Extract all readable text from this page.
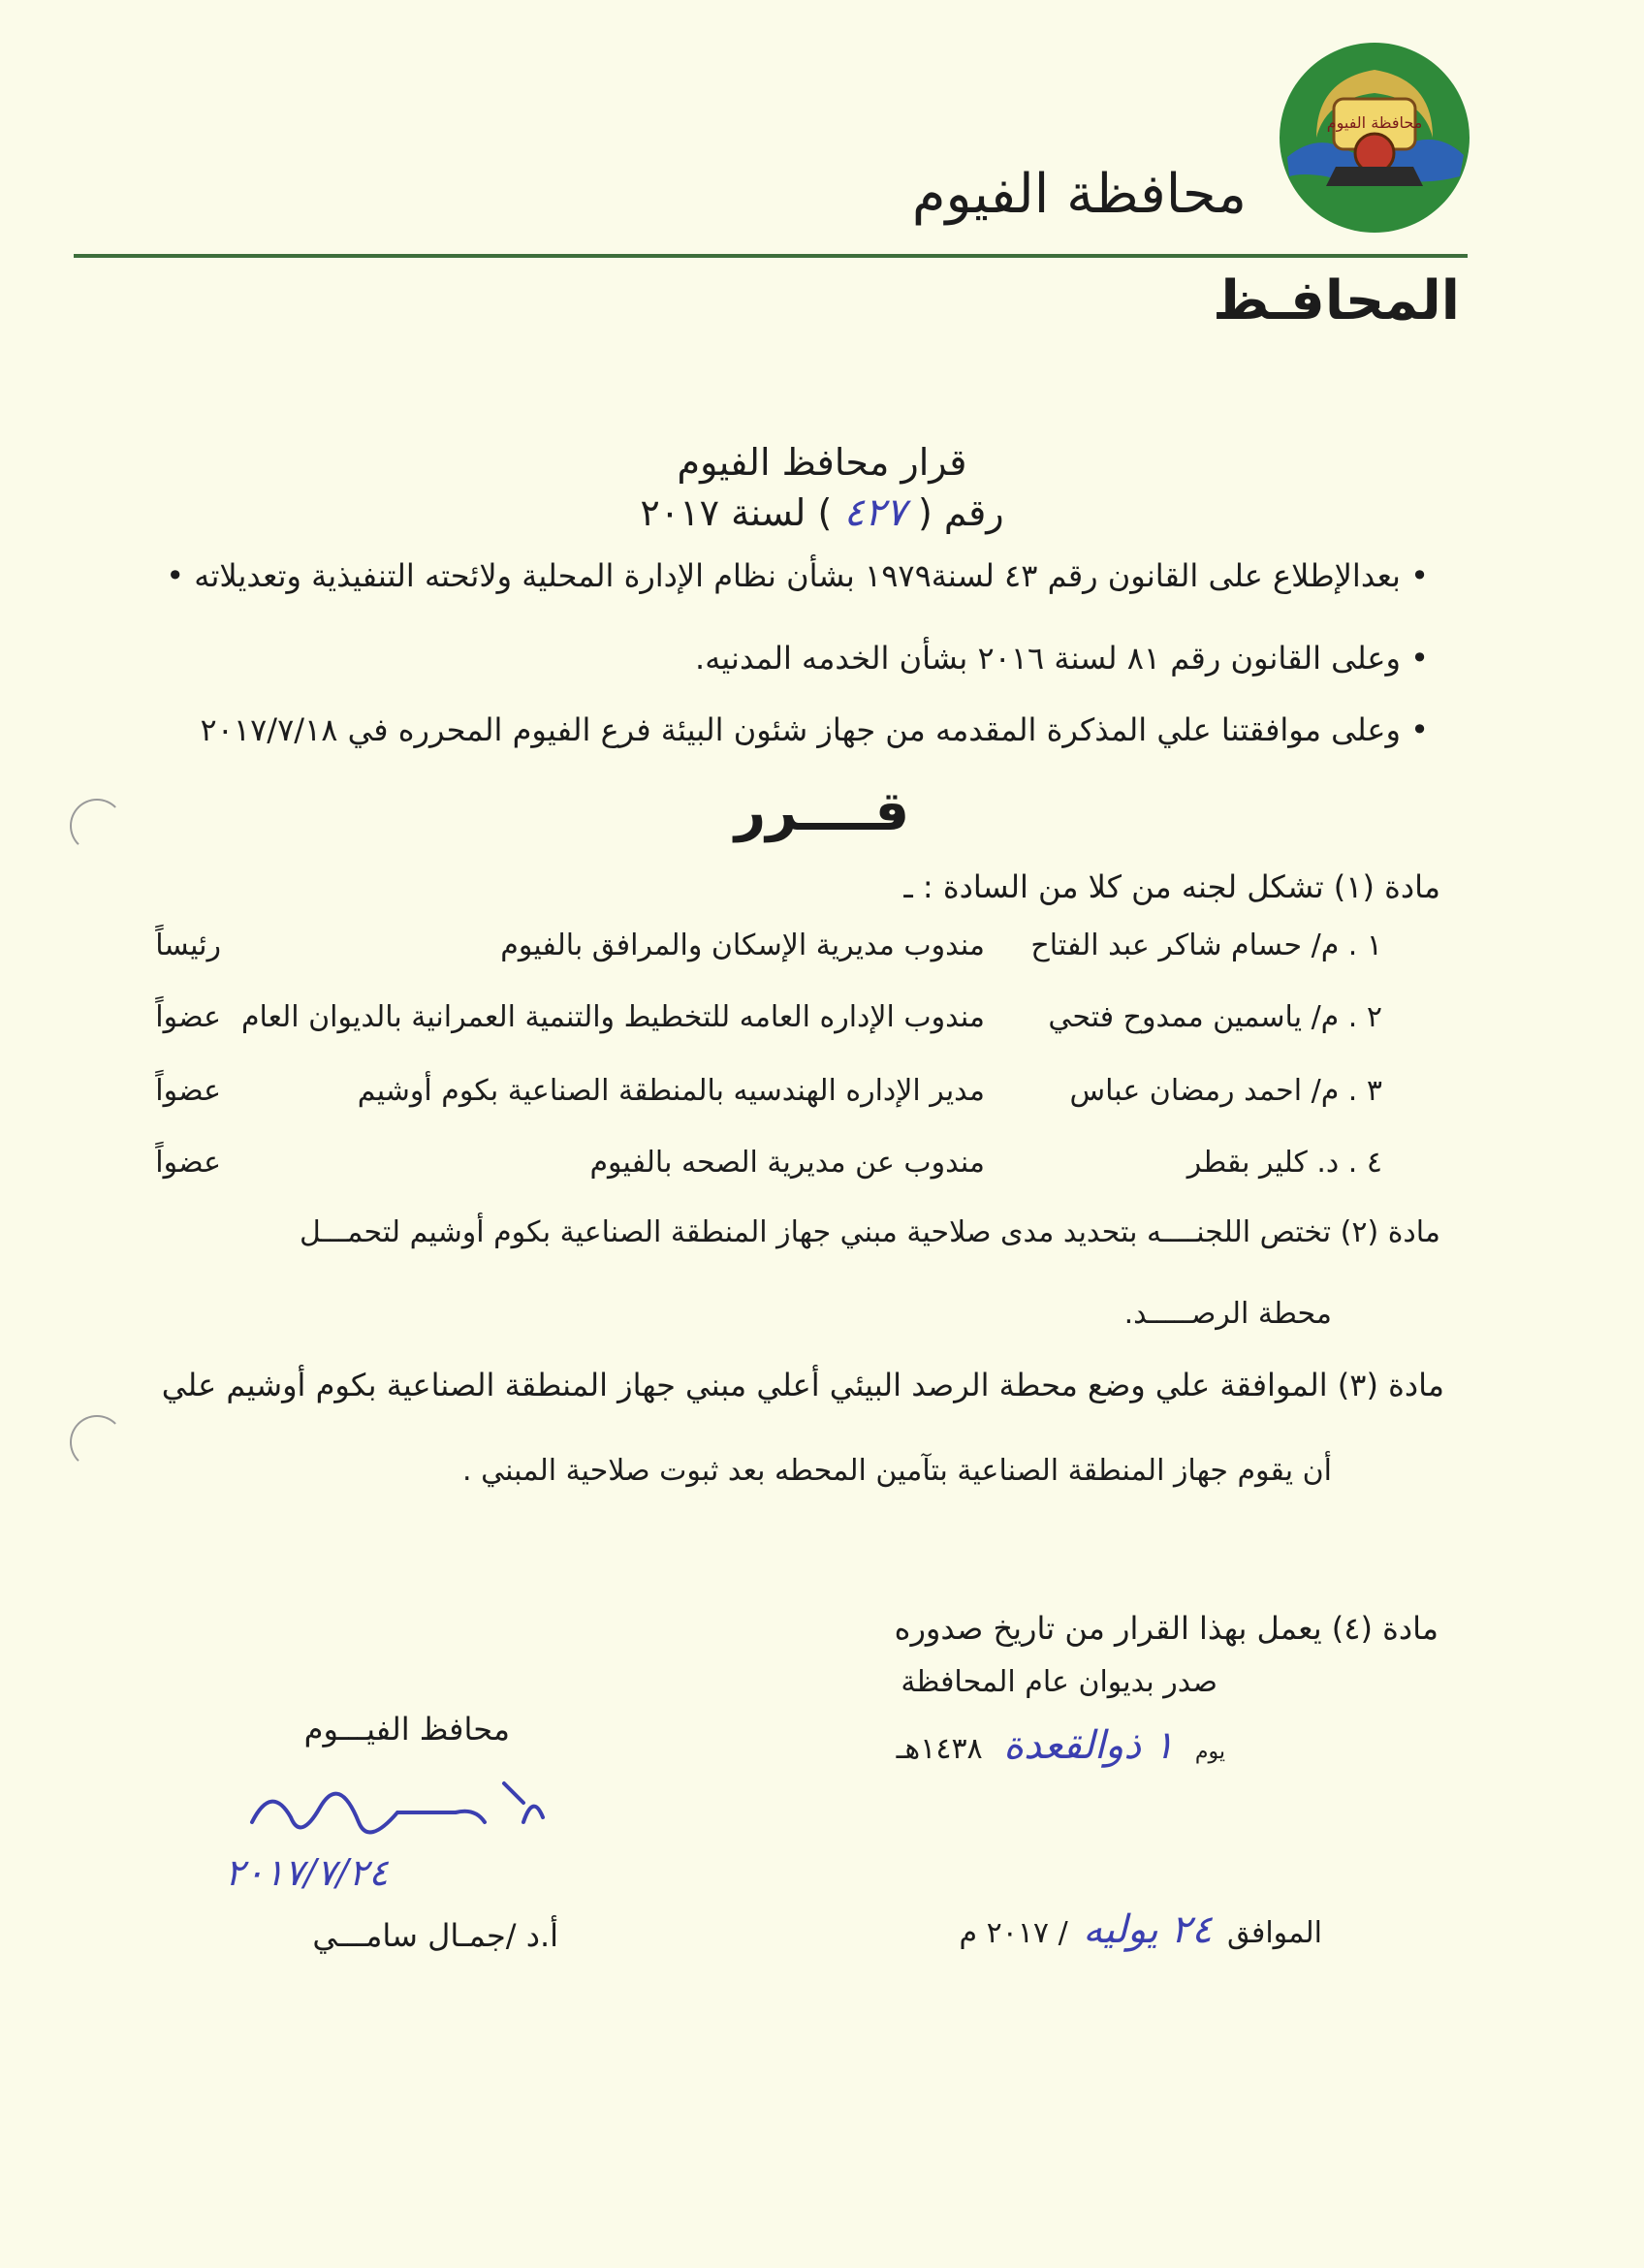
محافظة الفيوم
محافظة الفيوم
المحافـظ
قرار محافظ الفيوم
رقم ( ٤٢٧ ) لسنة ٢٠١٧
• بعدالإطلاع على القانون رقم ٤٣ لسنة١٩٧٩ بشأن نظام الإدارة المحلية ولائحته التنفيذية وتعديلاته •
• وعلى القانون رقم ٨١ لسنة ٢٠١٦ بشأن الخدمه المدنيه.
• وعلى موافقتنا علي المذكرة المقدمه من جهاز شئون البيئة فرع الفيوم المحرره في ٢٠١٧/٧/١٨
قــــرر
مادة (١) تشكل لجنه من كلا من السادة : ـ
١ . م/ حسام شاكر عبد الفتاح
مندوب مديرية الإسكان والمرافق بالفيوم
رئيساً
٢ . م/ ياسمين ممدوح فتحي
مندوب الإداره العامه للتخطيط والتنمية العمرانية بالديوان العام
عضواً
٣ . م/ احمد رمضان عباس
مدير الإداره الهندسيه بالمنطقة الصناعية بكوم أوشيم
عضواً
٤ . د. كلير بقطر
مندوب عن مديرية الصحه بالفيوم
عضواً
مادة (٢) تختص اللجنــــه بتحديد مدى صلاحية مبني جهاز المنطقة الصناعية بكوم أوشيم لتحمـــل
محطة الرصـــــد.
مادة (٣) الموافقة علي وضع محطة الرصد البيئي أعلي مبني جهاز المنطقة الصناعية بكوم أوشيم علي
أن يقوم جهاز المنطقة الصناعية بتآمين المحطه بعد ثبوت صلاحية المبني .
مادة (٤) يعمل بهذا القرار من تاريخ صدوره
صدر بديوان عام المحافظة
يوم ١ ذوالقعدة ١٤٣٨هـ
الموافق ٢٤ يوليه / ٢٠١٧ م
محافظ الفيـــوم
٢٠١٧/٧/٢٤
أ.د /جمـال سامـــي
